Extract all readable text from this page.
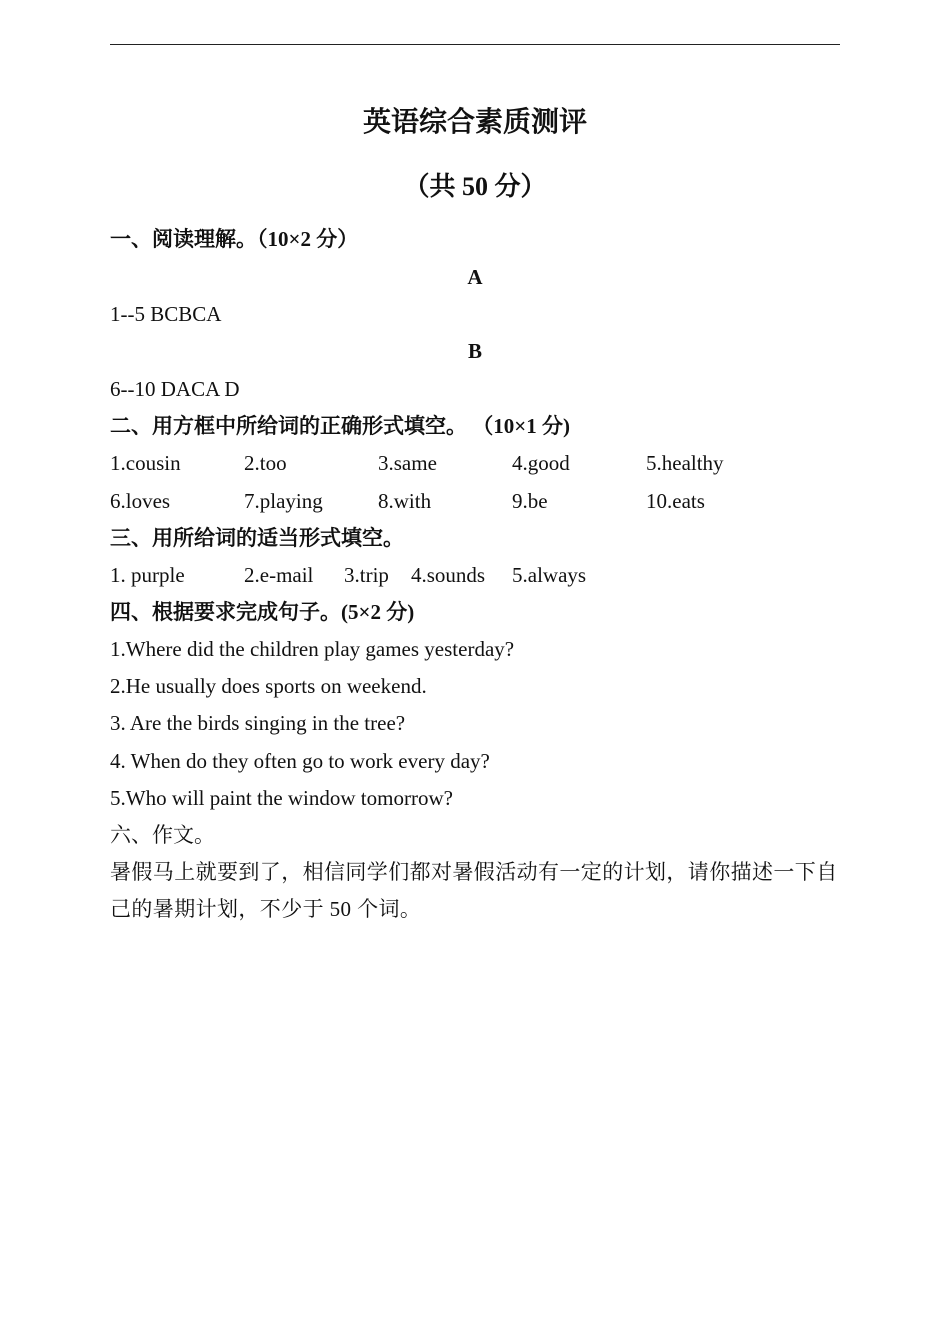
英语综合素质测评
（共 50 分）
一、阅读理解。（10×2 分）
A
1--5 BCBCA
B
6--10 DACA D
二、用方框中所给词的正确形式填空。 （10×1 分)
1.cousin	2.too	3.same	4.good	5.healthy
6.loves	7.playing	8.with	9.be	10.eats
三、用所给词的适当形式填空。
1. purple	2.e-mail 3.trip 4.sounds 5.always
四、根据要求完成句子。(5×2 分)
1.Where did the children play games yesterday?
2.He usually does sports on weekend.
3. Are the birds singing in the tree?
4. When do they often go to work every day?
5.Who will paint the window tomorrow?
六、作文。
暑假马上就要到了，相信同学们都对暑假活动有一定的计划，请你描述一下自己的暑期计划，不少于 50 个词。
